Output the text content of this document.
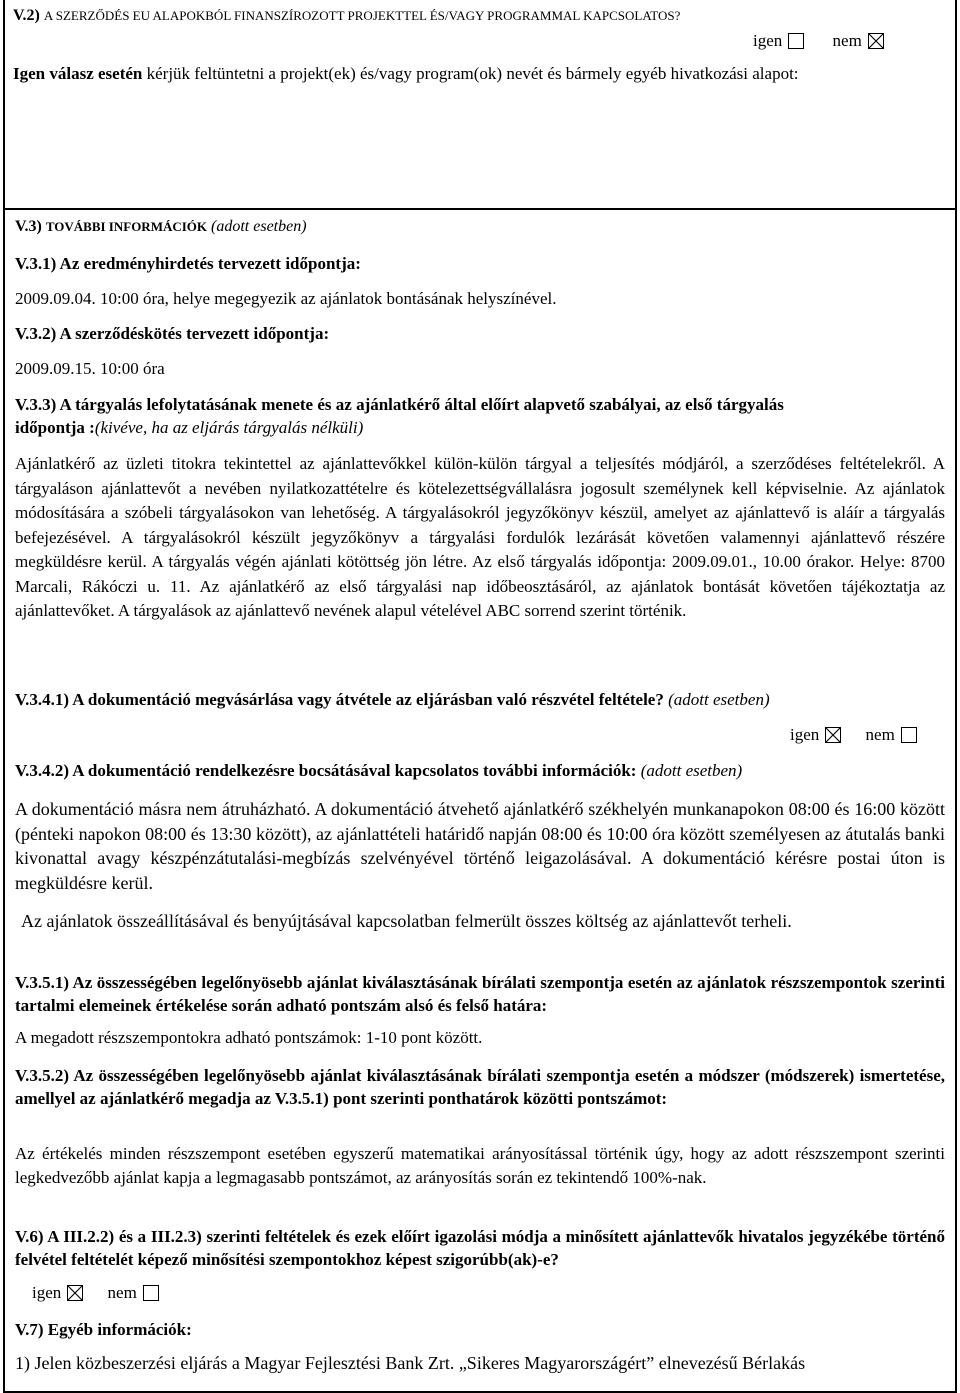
V.2) A SZERZŐDÉS EU ALAPOKBÓL FINANSZÍROZOTT PROJEKTTEL ÉS/VAGY PROGRAMMAL KAPCSOLATOS?
igen	nem
Igen válasz esetén kérjük feltüntetni a projekt(ek) és/vagy program(ok) nevét és bármely egyéb hivatkozási alapot:
V.3) TOVÁBBI INFORMÁCIÓK (adott esetben)
V.3.1) Az eredményhirdetés tervezett időpontja:
2009.09.04. 10:00 óra, helye megegyezik az ajánlatok bontásának helyszínével.
V.3.2) A szerződéskötés tervezett időpontja:
2009.09.15. 10:00 óra
V.3.3) A tárgyalás lefolytatásának menete és az ajánlatkérő által előírt alapvető szabályai, az első tárgyalás
időpontja :(kivéve, ha az eljárás tárgyalás nélküli)
Ajánlatkérő az üzleti titokra tekintettel az ajánlattevőkkel külön-külön tárgyal a teljesítés módjáról, a szerződéses feltételekről. A tárgyaláson ajánlattevőt a nevében nyilatkozattételre és kötelezettségvállalásra jogosult személynek kell képviselnie. Az ajánlatok módosítására a szóbeli tárgyalásokon van lehetőség. A tárgyalásokról jegyzőkönyv készül, amelyet az ajánlattevő is aláír a tárgyalás befejezésével. A tárgyalásokról készült jegyzőkönyv a tárgyalási fordulók lezárását követően valamennyi ajánlattevő részére megküldésre kerül. A tárgyalás végén ajánlati kötöttség jön létre. Az első tárgyalás időpontja: 2009.09.01., 10.00 órakor. Helye: 8700 Marcali, Rákóczi u. 11. Az ajánlatkérő az első tárgyalási nap időbeosztásáról, az ajánlatok bontását követően tájékoztatja az ajánlattevőket. A tárgyalások az ajánlattevő nevének alapul vételével ABC sorrend szerint történik.
V.3.4.1) A dokumentáció megvásárlása vagy átvétele az eljárásban való részvétel feltétele? (adott esetben)
igen	nem
V.3.4.2) A dokumentáció rendelkezésre bocsátásával kapcsolatos további információk: (adott esetben)
A dokumentáció másra nem átruházható. A dokumentáció átvehető ajánlatkérő székhelyén munkanapokon 08:00 és 16:00 között (pénteki napokon 08:00 és 13:30 között), az ajánlattételi határidő napján 08:00 és 10:00 óra között személyesen az átutalás banki kivonattal avagy készpénzátutalási-megbízás szelvényével történő leigazolásával. A dokumentáció kérésre postai úton is megküldésre kerül.
Az ajánlatok összeállításával és benyújtásával kapcsolatban felmerült összes költség az ajánlattevőt terheli.
V.3.5.1) Az összességében legelőnyösebb ajánlat kiválasztásának bírálati szempontja esetén az ajánlatok részszempontok szerinti tartalmi elemeinek értékelése során adható pontszám alsó és felső határa:
A megadott részszempontokra adható pontszámok: 1-10 pont között.
V.3.5.2) Az összességében legelőnyösebb ajánlat kiválasztásának bírálati szempontja esetén a módszer (módszerek) ismertetése, amellyel az ajánlatkérő megadja az V.3.5.1) pont szerinti ponthatárok közötti pontszámot:
Az értékelés minden részszempont esetében egyszerű matematikai arányosítással történik úgy, hogy az adott részszempont szerinti legkedvezőbb ajánlat kapja a legmagasabb pontszámot, az arányosítás során ez tekintendő 100%-nak.
V.6) A III.2.2) és a III.2.3) szerinti feltételek és ezek előírt igazolási módja a minősített ajánlattevők hivatalos jegyzékébe történő felvétel feltételét képező minősítési szempontokhoz képest szigorúbb(ak)-e?
igen	nem
V.7) Egyéb információk:
1) Jelen közbeszerzési eljárás a Magyar Fejlesztési Bank Zrt. „Sikeres Magyarországért” elnevezésű Bérlakás
